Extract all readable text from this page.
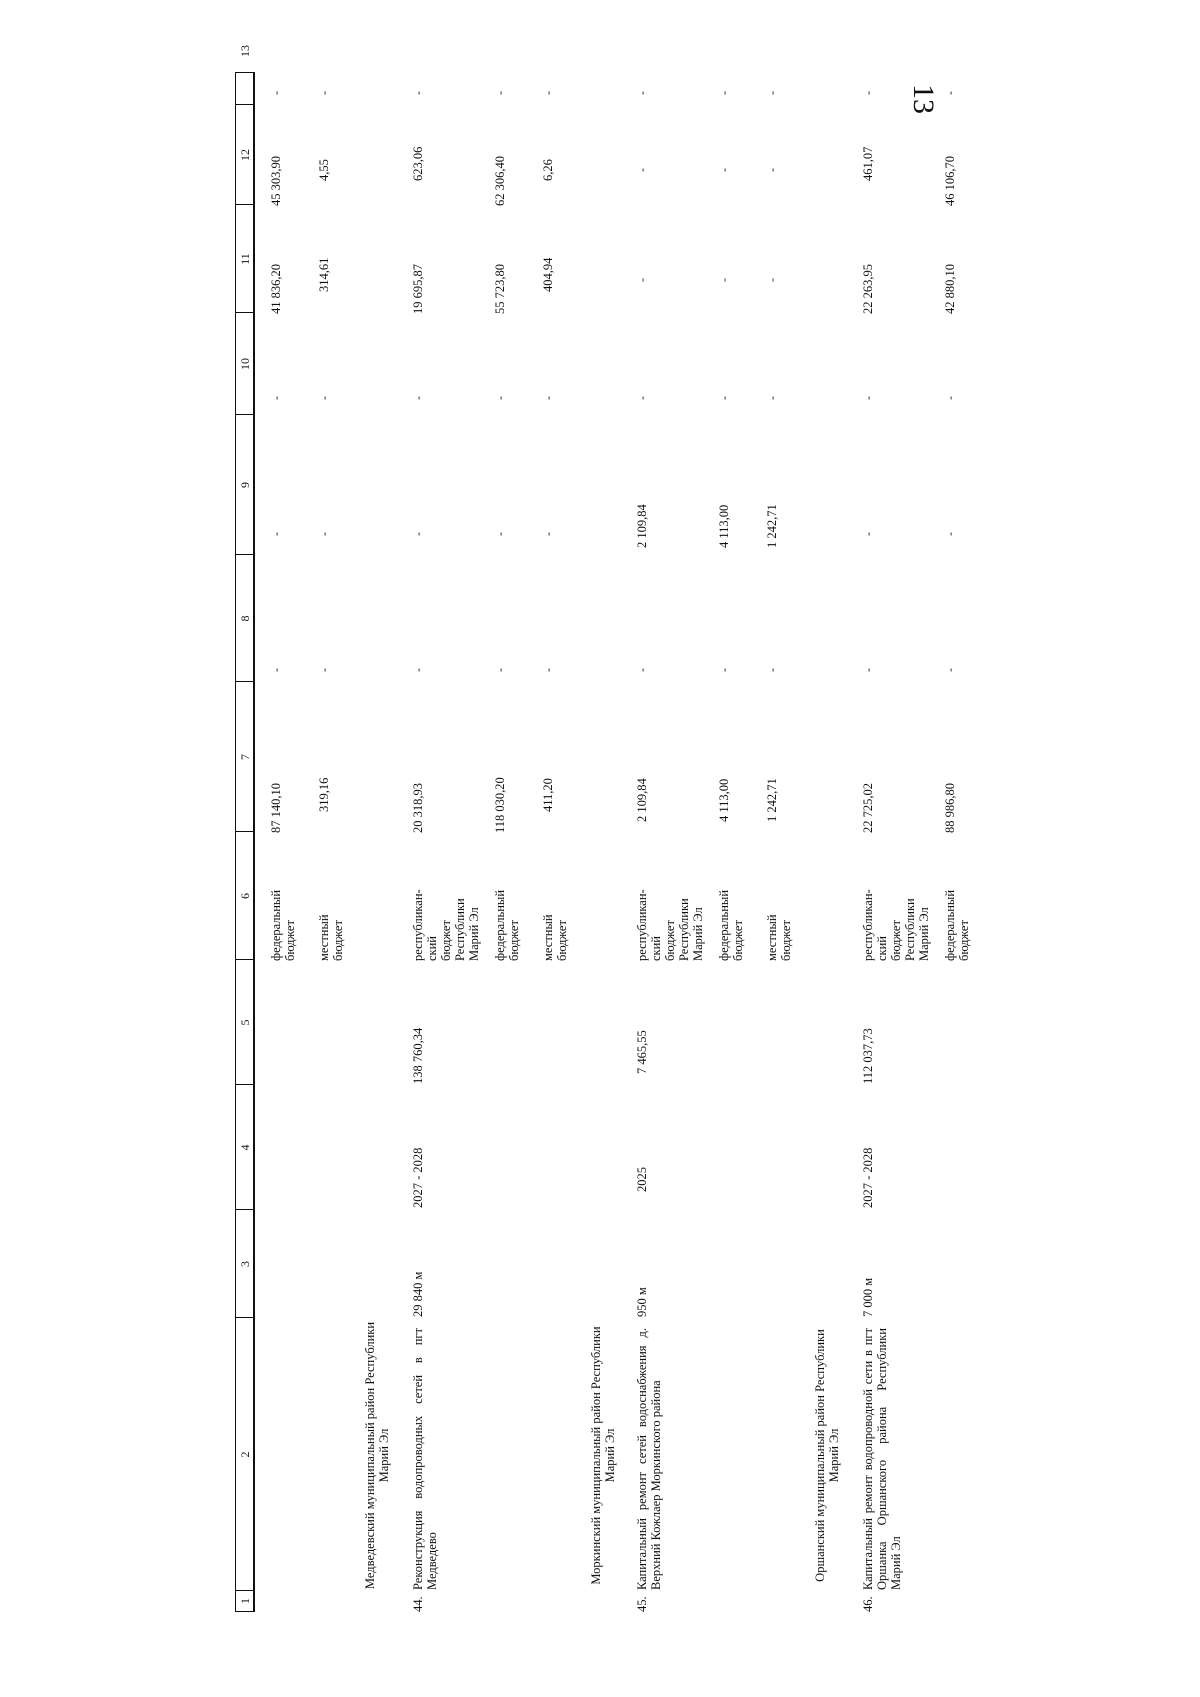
13
1
2
3
4
5
6
7
8
9
10
11
12
13
федеральный бюджет
87 140,10
-
-
-
41 836,20
45 303,90
-
местный бюджет
319,16
-
-
-
314,61
4,55
-
Медведевский муниципальный район Республики Марий Эл
44.
Реконструкция водопроводных сетей в пгт Медведево
29 840 м
2027 - 2028
138 760,34
республикан-ский бюджет Республики Марий Эл
20 318,93
-
-
-
19 695,87
623,06
-
федеральный бюджет
118 030,20
-
-
-
55 723,80
62 306,40
-
местный бюджет
411,20
-
-
-
404,94
6,26
-
Моркинский муниципальный район Республики Марий Эл
45.
Капитальный ремонт сетей водоснабжения д. Верхний Кожлаер Моркинского района
950 м
2025
7 465,55
республикан-ский бюджет Республики Марий Эл
2 109,84
-
2 109,84
-
-
-
-
федеральный бюджет
4 113,00
-
4 113,00
-
-
-
-
местный бюджет
1 242,71
-
1 242,71
-
-
-
-
Оршанский муниципальный район Республики Марий Эл
46.
Капитальный ремонт водопроводной сети в пгт Оршанка Оршанского района Республики Марий Эл
7 000 м
2027 - 2028
112 037,73
республикан-ский бюджет Республики Марий Эл
22 725,02
-
-
-
22 263,95
461,07
-
федеральный бюджет
88 986,80
-
-
-
42 880,10
46 106,70
-
